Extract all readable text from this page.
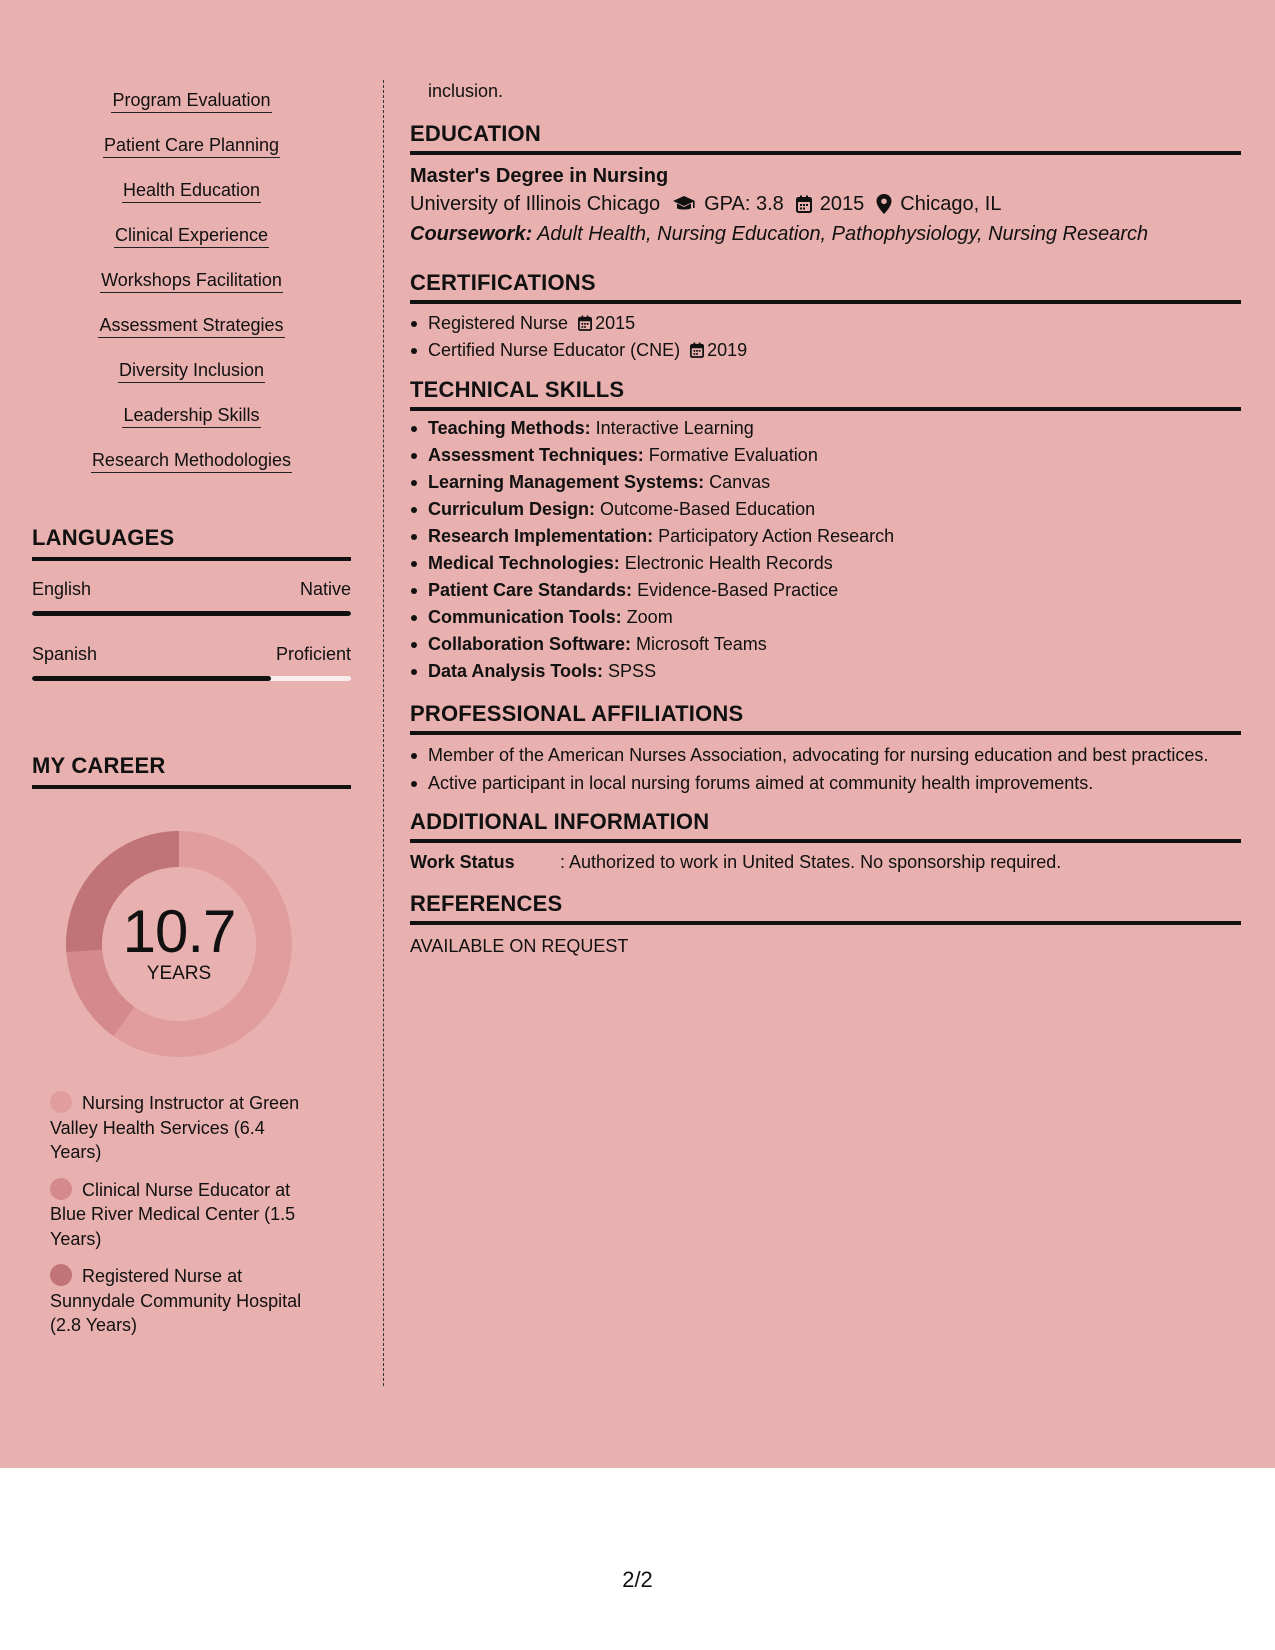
Program Evaluation
Patient Care Planning
Health Education
Clinical Experience
Workshops Facilitation
Assessment Strategies
Diversity Inclusion
Leadership Skills
Research Methodologies
LANGUAGES
English	Native
Spanish	Proficient
MY CAREER
10.7
YEARS
Nursing Instructor at Green Valley Health Services (6.4 Years)
Clinical Nurse Educator at Blue River Medical Center (1.5 Years)
Registered Nurse at Sunnydale Community Hospital (2.8 Years)
inclusion.
EDUCATION
Master's Degree in Nursing
University of Illinois Chicago GPA: 3.8 2015 Chicago, IL
Coursework: Adult Health, Nursing Education, Pathophysiology, Nursing Research
CERTIFICATIONS
Registered Nurse 2015
Certified Nurse Educator (CNE) 2019
TECHNICAL SKILLS
Teaching Methods: Interactive Learning
Assessment Techniques: Formative Evaluation
Learning Management Systems: Canvas
Curriculum Design: Outcome-Based Education
Research Implementation: Participatory Action Research
Medical Technologies: Electronic Health Records
Patient Care Standards: Evidence-Based Practice
Communication Tools: Zoom
Collaboration Software: Microsoft Teams
Data Analysis Tools: SPSS
PROFESSIONAL AFFILIATIONS
Member of the American Nurses Association, advocating for nursing education and best practices.
Active participant in local nursing forums aimed at community health improvements.
ADDITIONAL INFORMATION
Work Status	: Authorized to work in United States. No sponsorship required.
REFERENCES
AVAILABLE ON REQUEST
2/2
